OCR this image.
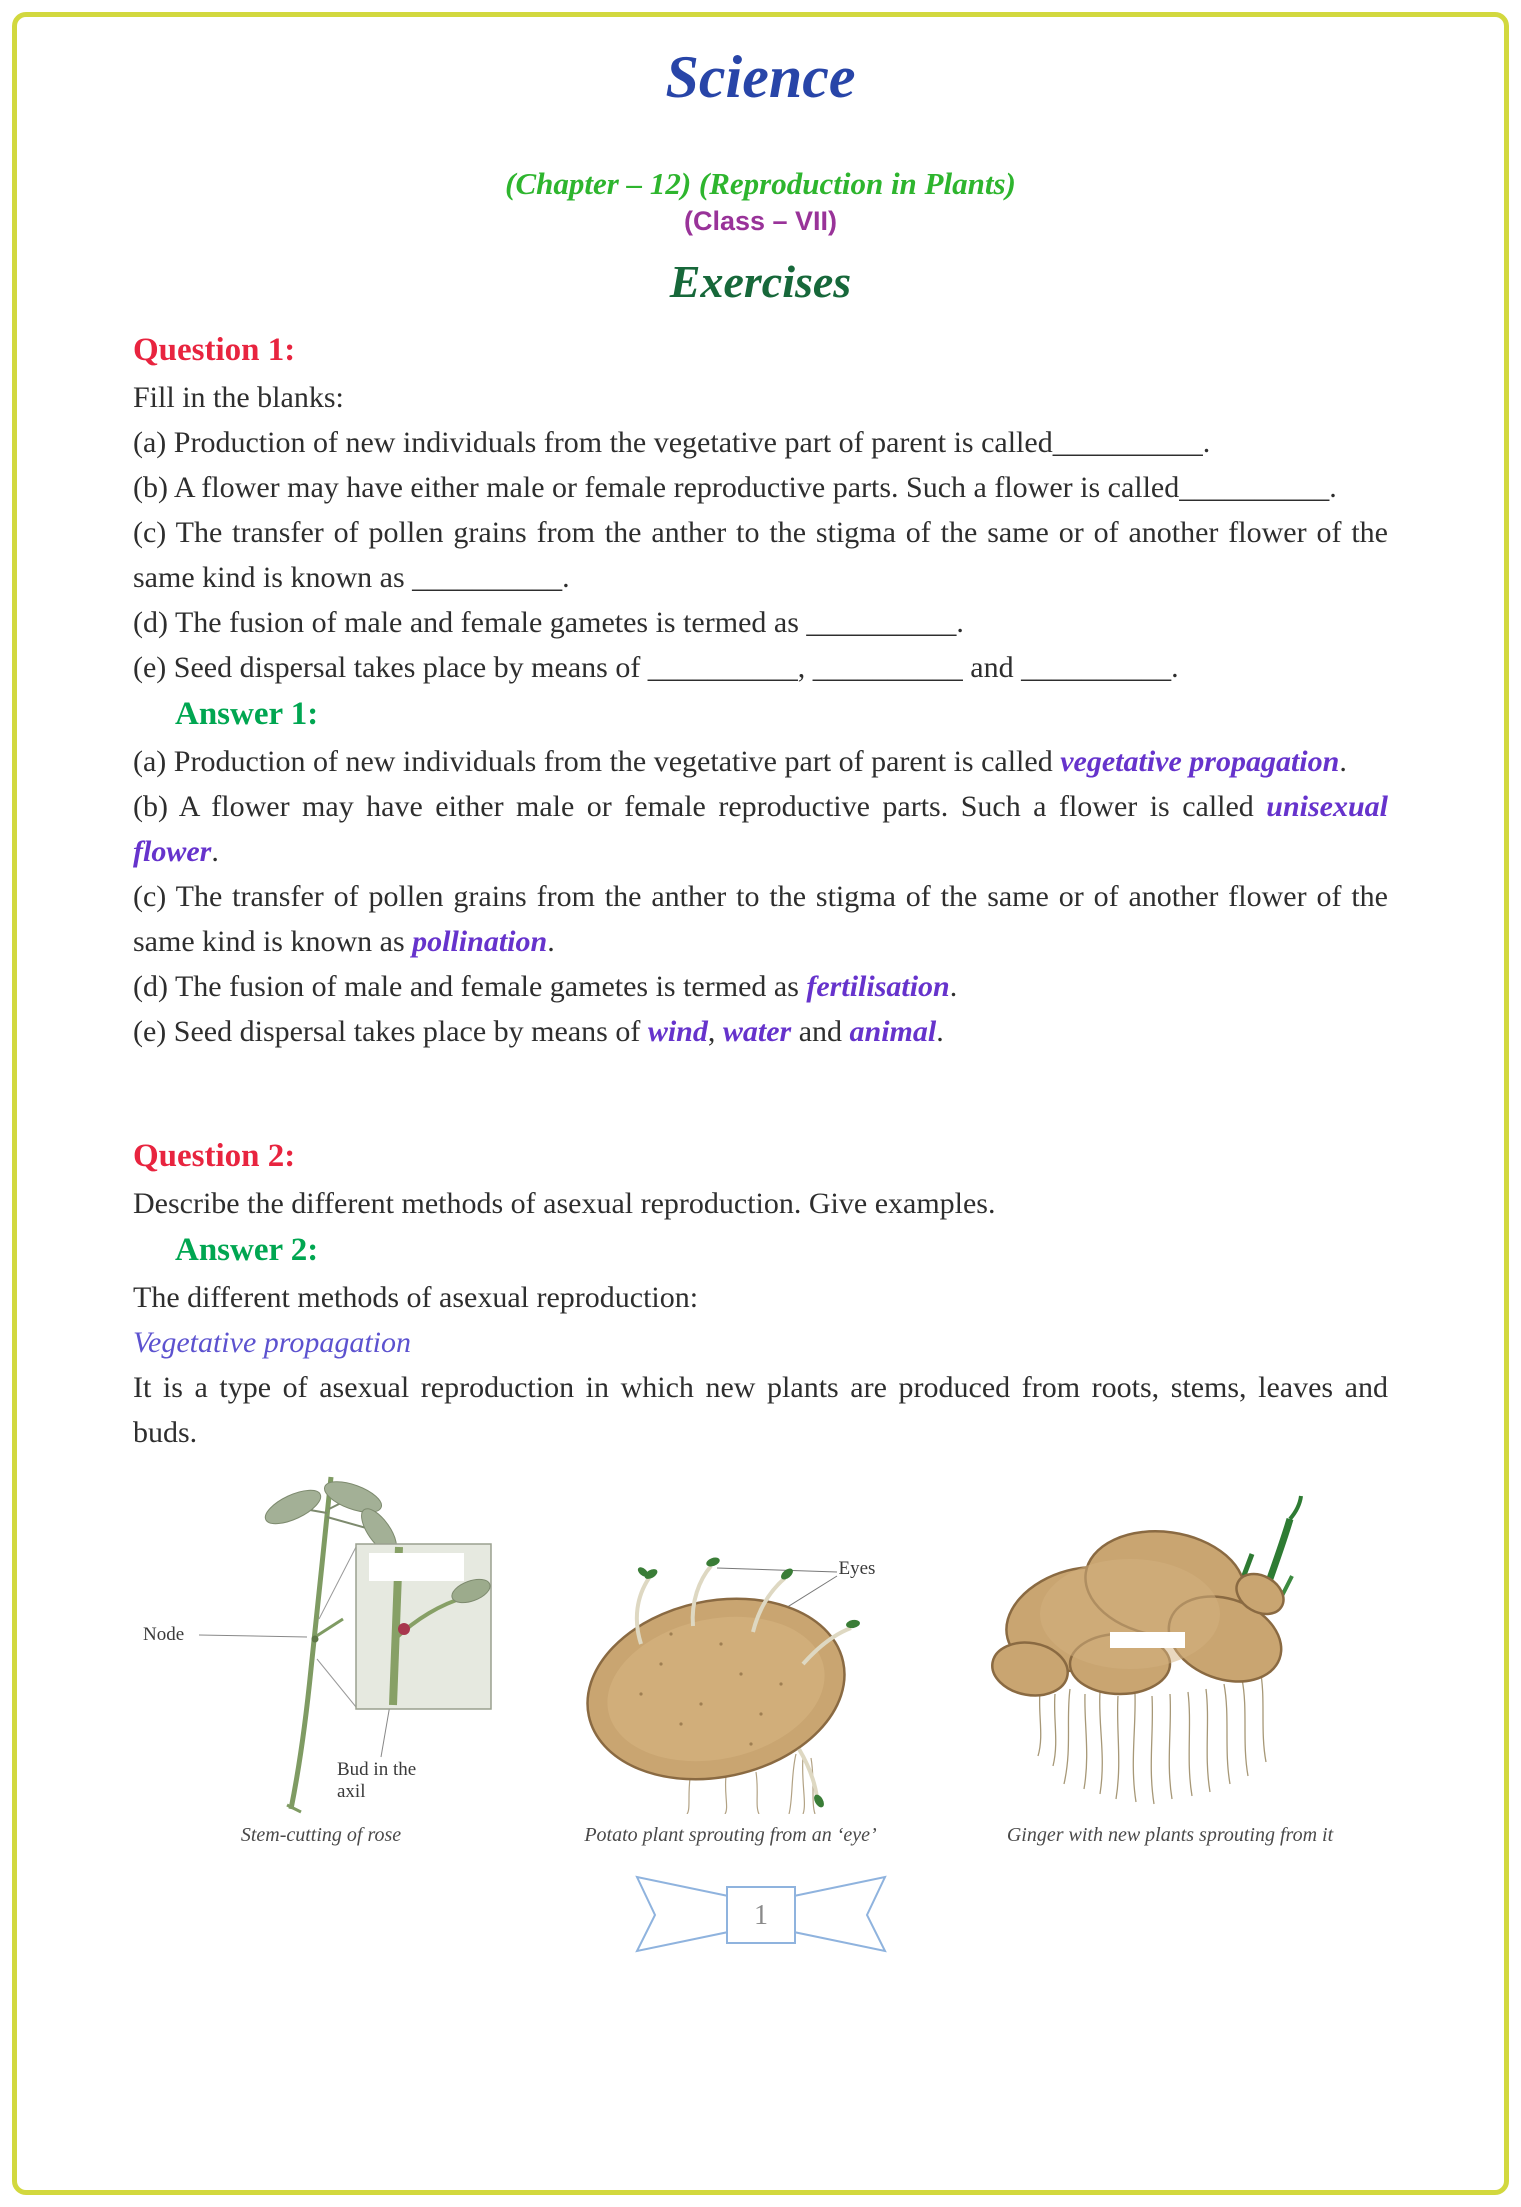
Science
(Chapter – 12) (Reproduction in Plants)
(Class – VII)
Exercises
Question 1:

Fill in the blanks:

(a) Production of new individuals from the vegetative part of parent is called__________.

(b) A flower may have either male or female reproductive parts. Such a flower is called__________.

(c) The transfer of pollen grains from the anther to the stigma of the same or of another flower of the same kind is known as __________.

(d) The fusion of male and female gametes is termed as __________.

(e) Seed dispersal takes place by means of __________, __________ and __________.

Answer 1:

(a) Production of new individuals from the vegetative part of parent is called vegetative propagation.

(b) A flower may have either male or female reproductive parts. Such a flower is called unisexual flower.

(c) The transfer of pollen grains from the anther to the stigma of the same or of another flower of the same kind is known as pollination.

(d) The fusion of male and female gametes is termed as fertilisation.

(e) Seed dispersal takes place by means of wind, water and animal.

Question 2:

Describe the different methods of asexual reproduction. Give examples.

Answer 2:

The different methods of asexual reproduction:

Vegetative propagation

It is a type of asexual reproduction in which new plants are produced from roots, stems, leaves and buds.

Node
Bud in the axil
Stem-cutting of rose
Eyes
Potato plant sprouting from an ‘eye’	Ginger with new plants sprouting from it
1
